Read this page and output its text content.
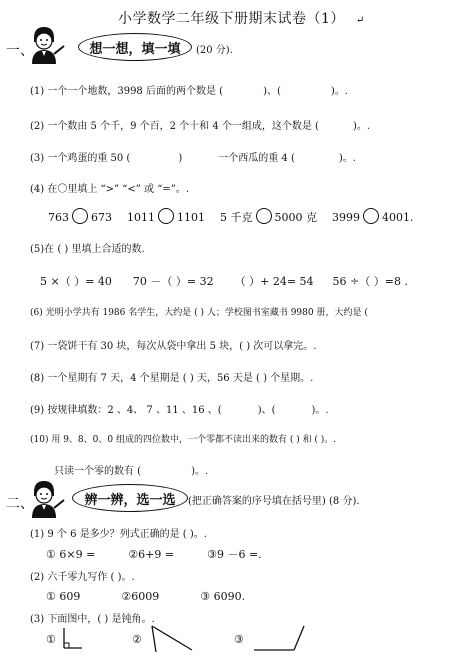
小学数学二年级下册期末试卷（1） ↵
一、	想一想，填一填 (20 分).
(1) 一个一个地数，3998 后面的两个数是 (	)、(	)。.
(2) 一个数由 5 个千，9 个百，2 个十和 4 个一组成，这个数是 (	)。.
(3) 一个鸡蛋的重 50 (	)	一个西瓜的重 4 (	)。.
(4) 在〇里填上 “>” “<” 或 “=”。.
763 673 1011 1101 5 千克 5000 克 3999 4001.
(5)在 ( ) 里填上合适的数.
5 ×（ ）= 40 70 －（ ）= 32 （ ）+ 24= 54 56 ÷（ ）=8 .
(6) 光明小学共有 1986 名学生，大约是 ( ) 人；学校图书室藏书 9980 册，大约是 (
(7) 一袋饼干有 30 块，每次从袋中拿出 5 块，( ) 次可以拿完。.
(8) 一个星期有 7 天，4 个星期是 ( ) 天，56 天是 ( ) 个星期。.
(9) 按规律填数：2 、4、 7 、11 、16 、(	)、(	)。.
(10) 用 9、8、0、0 组成的四位数中，一个零都不读出来的数有 ( ) 和 ( )。.
只读一个零的数有 (	)。.
二、	辨一辨，选一选 (把正确答案的序号填在括号里) (8 分).
(1) 9 个 6 是多少？列式正确的是 ( )。.
① 6×9 =	②6+9 =	③9 －6 =.
(2) 六千零九写作 ( )。.
① 609	②6009	③ 6090.
(3) 下面图中，( ) 是钝角。.
①	②	③
